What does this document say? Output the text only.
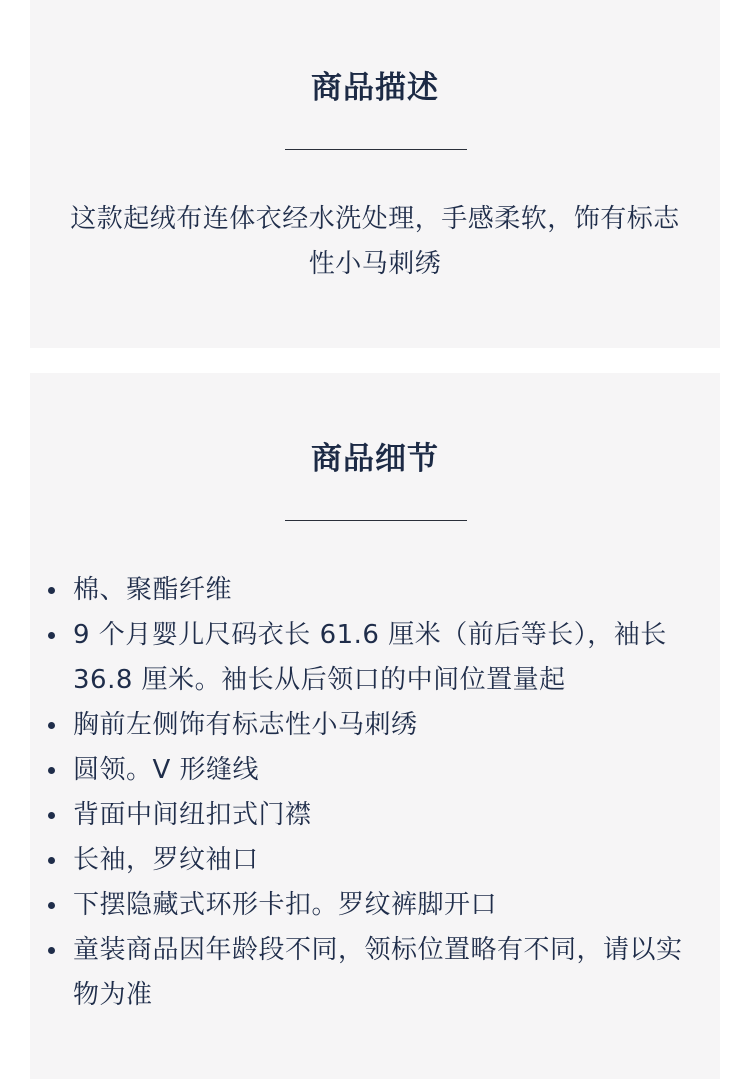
商品描述

这款起绒布连体衣经水洗处理，手感柔软，饰有标志性小马刺绣

商品细节
棉、聚酯纤维
9 个月婴儿尺码衣长 61.6 厘米（前后等长），袖长 36.8 厘米。袖长从后领口的中间位置量起
胸前左侧饰有标志性小马刺绣
圆领。V 形缝线
背面中间纽扣式门襟
长袖，罗纹袖口
下摆隐藏式环形卡扣。罗纹裤脚开口
童装商品因年龄段不同，领标位置略有不同，请以实物为准
